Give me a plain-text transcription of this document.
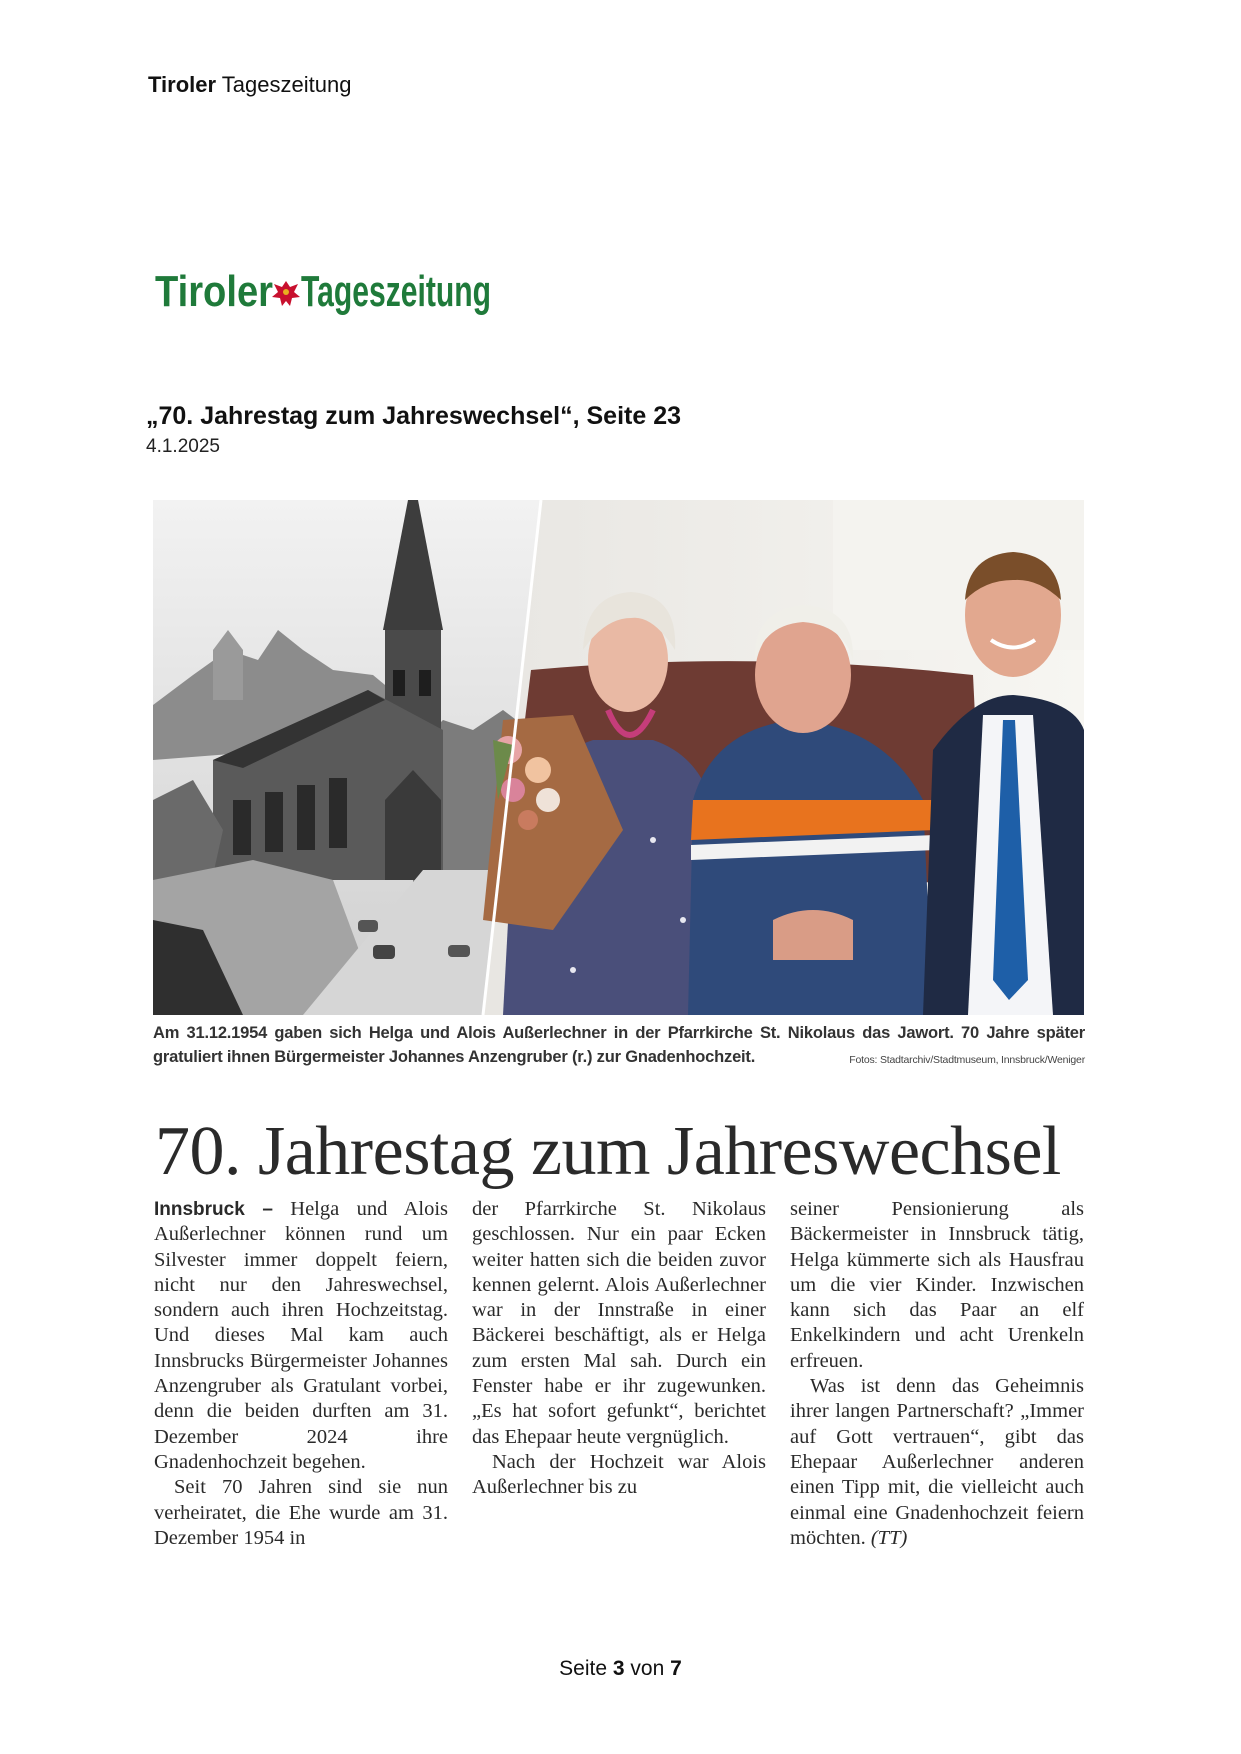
Tiroler Tageszeitung
Tiroler Tageszeitung
„70. Jahrestag zum Jahreswechsel“, Seite 23
4.1.2025
Am 31.12.1954 gaben sich Helga und Alois Außerlechner in der Pfarrkirche St. Nikolaus das Jawort. 70 Jahre später
gratuliert ihnen Bürgermeister Johannes Anzengruber (r.) zur Gnadenhochzeit.	Fotos: Stadtarchiv/Stadtmuseum, Innsbruck/Weniger
70. Jahrestag zum Jahreswechsel

Innsbruck – Helga und Alois Außerlechner können rund um Silvester immer doppelt feiern, nicht nur den Jahreswechsel, sondern auch ihren Hochzeitstag. Und dieses Mal kam auch Innsbrucks Bürgermeister Johannes Anzengruber als Gratulant vorbei, denn die beiden durften am 31. Dezember 2024 ihre Gnadenhochzeit begehen.

Seit 70 Jahren sind sie nun verheiratet, die Ehe wurde am 31. Dezember 1954 in

der Pfarrkirche St. Nikolaus geschlossen. Nur ein paar Ecken weiter hatten sich die beiden zuvor kennen gelernt. Alois Außerlechner war in der Innstraße in einer Bäckerei beschäftigt, als er Helga zum ersten Mal sah. Durch ein Fenster habe er ihr zugewunken. „Es hat sofort gefunkt“, berichtet das Ehepaar heute vergnüglich.

Nach der Hochzeit war Alois Außerlechner bis zu

seiner Pensionierung als Bäckermeister in Innsbruck tätig, Helga kümmerte sich als Hausfrau um die vier Kinder. Inzwischen kann sich das Paar an elf Enkelkindern und acht Urenkeln erfreuen.

Was ist denn das Geheimnis ihrer langen Partnerschaft? „Immer auf Gott vertrauen“, gibt das Ehepaar Außerlechner anderen einen Tipp mit, die vielleicht auch einmal eine Gnadenhochzeit feiern möchten. (TT)

Seite 3 von 7
